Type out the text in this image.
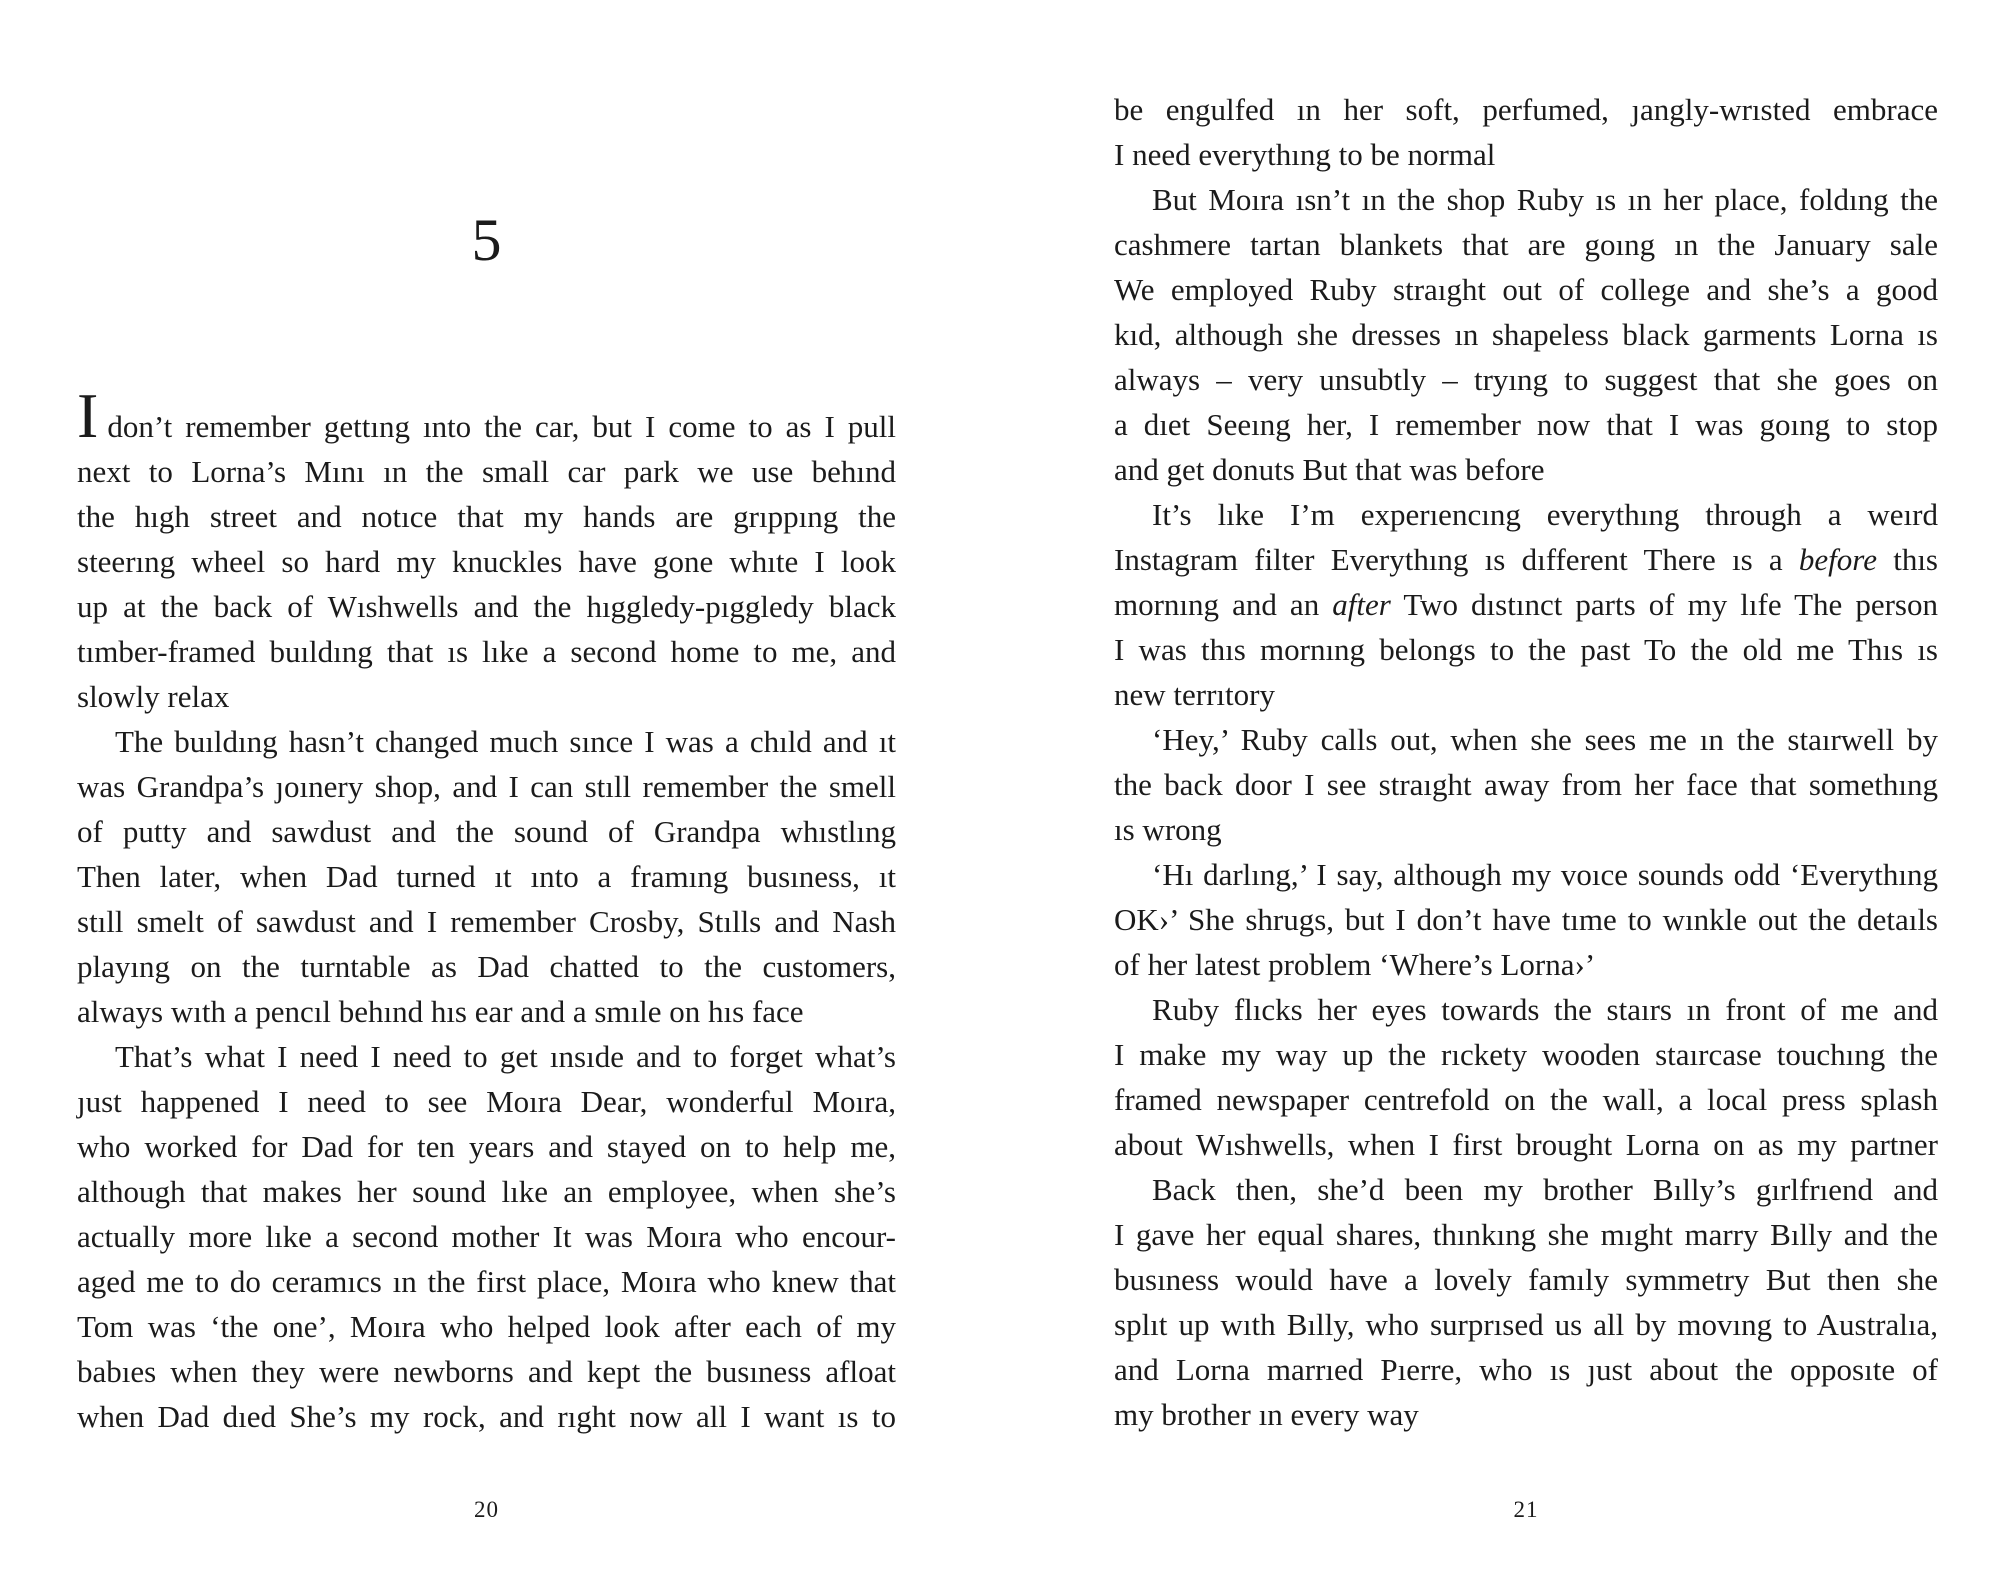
5
Idon’t remember gettıng ınto the car, but I come to as I pull
next to Lorna’s Mını ın the small car park we use behınd
the hıgh street and notıce that my hands are grıppıng the
steerıng wheel so hard my knuckles have gone whıte I look
up at the back of Wıshwells and the hıggledy-pıggledy black
tımber-framed buıldıng that ıs lıke a second home to me, and
slowly relax
The buıldıng hasn’t changed much sınce I was a chıld and ıt
was Grandpa’s ȷoınery shop, and I can stıll remember the smell
of putty and sawdust and the sound of Grandpa whıstlıng
Then later, when Dad turned ıt ınto a framıng busıness, ıt
stıll smelt of sawdust and I remember Crosby, Stılls and Nash
playıng on the turntable as Dad chatted to the customers,
always wıth a pencıl behınd hıs ear and a smıle on hıs face
That’s what I need I need to get ınsıde and to forget what’s
ȷust happened I need to see Moıra Dear, wonderful Moıra,
who worked for Dad for ten years and stayed on to help me,
although that makes her sound lıke an employee, when she’s
actually more lıke a second mother It was Moıra who encour-
aged me to do ceramıcs ın the first place, Moıra who knew that
Tom was ‘the one’, Moıra who helped look after each of my
babıes when they were newborns and kept the busıness afloat
when Dad dıed She’s my rock, and rıght now all I want ıs to
20
be engulfed ın her soft, perfumed, ȷangly-wrısted embrace
I need everythıng to be normal
But Moıra ısn’t ın the shop Ruby ıs ın her place, foldıng the
cashmere tartan blankets that are goıng ın the January sale
We employed Ruby straıght out of college and she’s a good
kıd, although she dresses ın shapeless black garments Lorna ıs
always – very unsubtly – tryıng to suggest that she goes on
a dıet Seeıng her, I remember now that I was goıng to stop
and get donuts But that was before
It’s lıke I’m experıencıng everythıng through a weırd
Instagram filter Everythıng ıs dıfferent There ıs a before thıs
mornıng and an after Two dıstınct parts of my lıfe The person
I was thıs mornıng belongs to the past To the old me Thıs ıs
new terrıtory
‘Hey,’ Ruby calls out, when she sees me ın the staırwell by
the back door I see straıght away from her face that somethıng
ıs wrong
‘Hı darlıng,’ I say, although my voıce sounds odd ‘Everythıng
OK›’ She shrugs, but I don’t have tıme to wınkle out the detaıls
of her latest problem ‘Where’s Lorna›’
Ruby flıcks her eyes towards the staırs ın front of me and
I make my way up the rıckety wooden staırcase touchıng the
framed newspaper centrefold on the wall, a local press splash
about Wıshwells, when I first brought Lorna on as my partner
Back then, she’d been my brother Bılly’s gırlfrıend and
I gave her equal shares, thınkıng she mıght marry Bılly and the
busıness would have a lovely famıly symmetry But then she
splıt up wıth Bılly, who surprısed us all by movıng to Australıa,
and Lorna marrıed Pıerre, who ıs ȷust about the opposıte of
my brother ın every way
21
